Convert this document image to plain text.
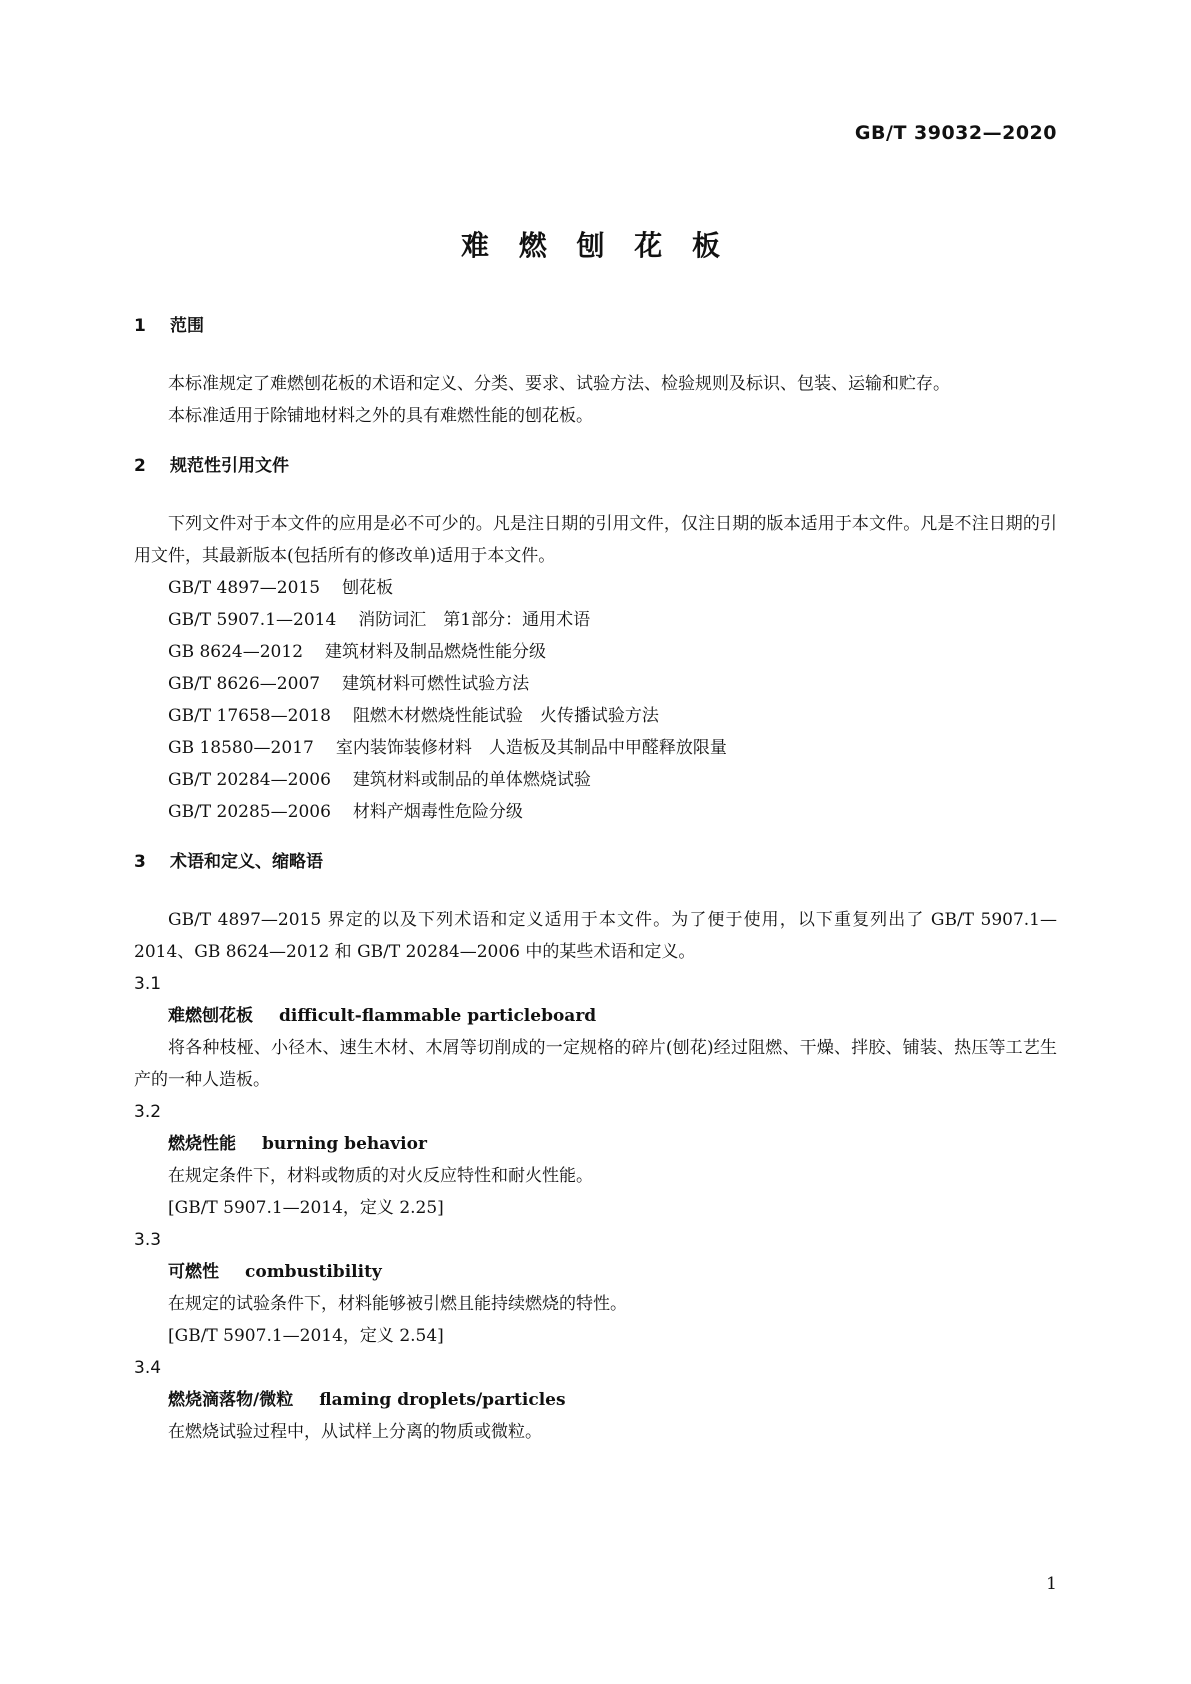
GB/T 39032—2020
难 燃 刨 花 板
1 范围

本标准规定了难燃刨花板的术语和定义、分类、要求、试验方法、检验规则及标识、包装、运输和贮存。

本标准适用于除铺地材料之外的具有难燃性能的刨花板。

2 规范性引用文件

下列文件对于本文件的应用是必不可少的。凡是注日期的引用文件，仅注日期的版本适用于本文件。凡是不注日期的引用文件，其最新版本(包括所有的修改单)适用于本文件。

GB/T 4897—2015 刨花板

GB/T 5907.1—2014 消防词汇　第1部分：通用术语

GB 8624—2012 建筑材料及制品燃烧性能分级

GB/T 8626—2007 建筑材料可燃性试验方法

GB/T 17658—2018 阻燃木材燃烧性能试验　火传播试验方法

GB 18580—2017 室内装饰装修材料　人造板及其制品中甲醛释放限量

GB/T 20284—2006 建筑材料或制品的单体燃烧试验

GB/T 20285—2006 材料产烟毒性危险分级

3 术语和定义、缩略语

GB/T 4897—2015 界定的以及下列术语和定义适用于本文件。为了便于使用，以下重复列出了 GB/T 5907.1—2014、GB 8624—2012 和 GB/T 20284—2006 中的某些术语和定义。

3.1

难燃刨花板 difficult-flammable particleboard

将各种枝桠、小径木、速生木材、木屑等切削成的一定规格的碎片(刨花)经过阻燃、干燥、拌胶、铺装、热压等工艺生产的一种人造板。

3.2

燃烧性能 burning behavior

在规定条件下，材料或物质的对火反应特性和耐火性能。

[GB/T 5907.1—2014，定义 2.25]

3.3

可燃性 combustibility

在规定的试验条件下，材料能够被引燃且能持续燃烧的特性。

[GB/T 5907.1—2014，定义 2.54]

3.4

燃烧滴落物/微粒 flaming droplets/particles

在燃烧试验过程中，从试样上分离的物质或微粒。

1
